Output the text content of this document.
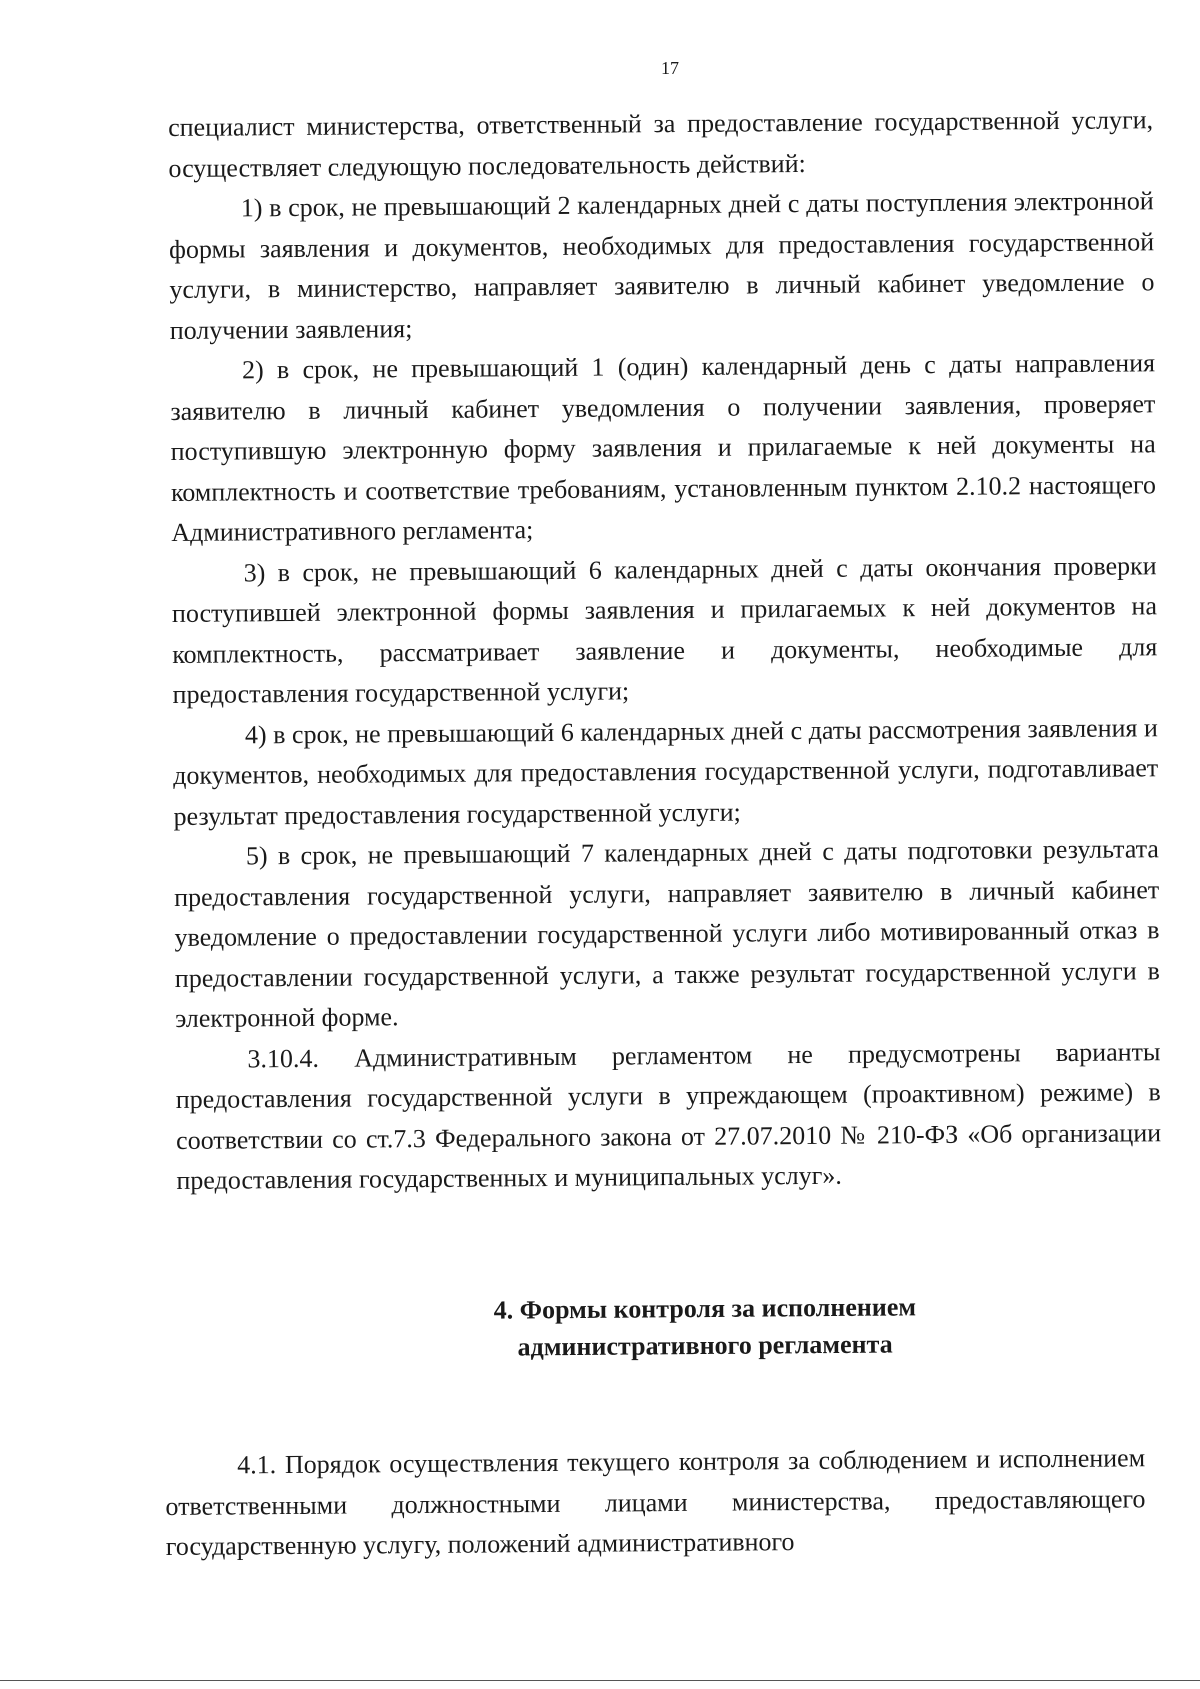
17

специалист министерства, ответственный за предоставление государственной услуги, осуществляет следующую последовательность действий:

1) в срок, не превышающий 2 календарных дней с даты поступления электронной формы заявления и документов, необходимых для предоставления государственной услуги, в министерство, направляет заявителю в личный кабинет уведомление о получении заявления;

2) в срок, не превышающий 1 (один) календарный день с даты направления заявителю в личный кабинет уведомления о получении заявления, проверяет поступившую электронную форму заявления и прилагаемые к ней документы на комплектность и соответствие требованиям, установленным пунктом 2.10.2 настоящего Административного регламента;

3) в срок, не превышающий 6 календарных дней с даты окончания проверки поступившей электронной формы заявления и прилагаемых к ней документов на комплектность, рассматривает заявление и документы, необходимые для предоставления государственной услуги;

4) в срок, не превышающий 6 календарных дней с даты рассмотрения заявления и документов, необходимых для предоставления государственной услуги, подготавливает результат предоставления государственной услуги;

5) в срок, не превышающий 7 календарных дней с даты подготовки результата предоставления государственной услуги, направляет заявителю в личный кабинет уведомление о предоставлении государственной услуги либо мотивированный отказ в предоставлении государственной услуги, а также результат государственной услуги в электронной форме.

3.10.4. Административным регламентом не предусмотрены варианты предоставления государственной услуги в упреждающем (проактивном) режиме) в соответствии со ст.7.3 Федерального закона от 27.07.2010 № 210-ФЗ «Об организации предоставления государственных и муниципальных услуг».

4. Формы контроля за исполнением
административного регламента

4.1. Порядок осуществления текущего контроля за соблюдением и исполнением ответственными должностными лицами министерства, предоставляющего государственную услугу, положений административного
